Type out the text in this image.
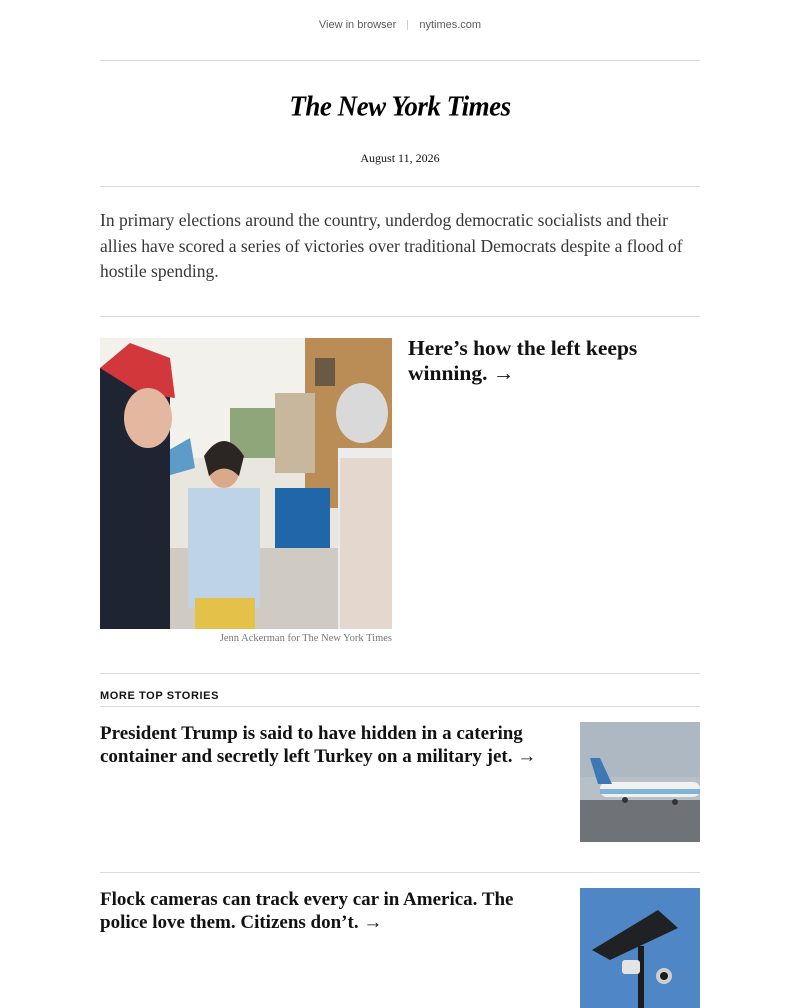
View in browser	nytimes.com
The New York Times
August 11, 2026

In primary elections around the country, underdog democratic socialists and their allies have scored a series of victories over traditional Democrats despite a flood of hostile spending.

Jenn Ackerman for The New York Times
Here’s how the left keeps winning. →
MORE TOP STORIES
President Trump is said to have hidden in a catering container and secretly left Turkey on a military jet. →
Flock cameras can track every car in America. The police love them. Citizens don’t. →
